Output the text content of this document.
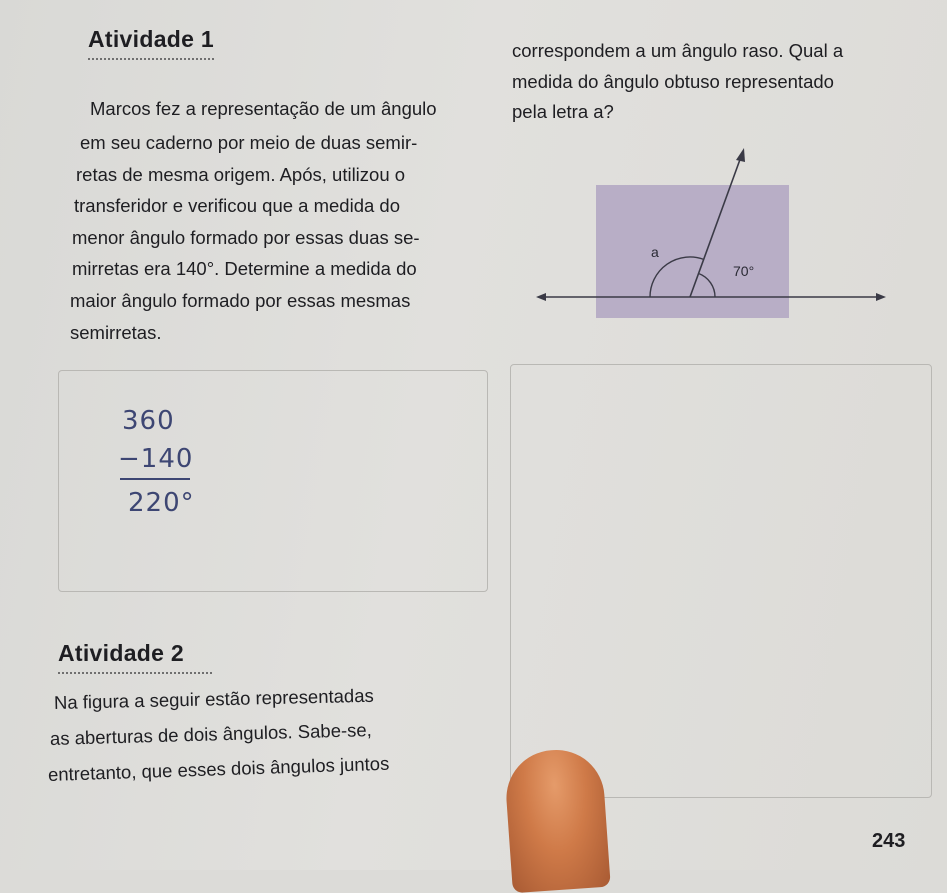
Atividade 1
Marcos fez a representação de um ângulo
em seu caderno por meio de duas semir-
retas de mesma origem. Após, utilizou o
transferidor e verificou que a medida do
menor ângulo formado por essas duas se-
mirretas era 140°. Determine a medida do
maior ângulo formado por essas mesmas
semirretas.
360
−140
220°
correspondem a um ângulo raso. Qual a
medida do ângulo obtuso representado
pela letra a?
a
70°
Atividade 2
Na figura a seguir estão representadas
as aberturas de dois ângulos. Sabe-se,
entretanto, que esses dois ângulos juntos
243
